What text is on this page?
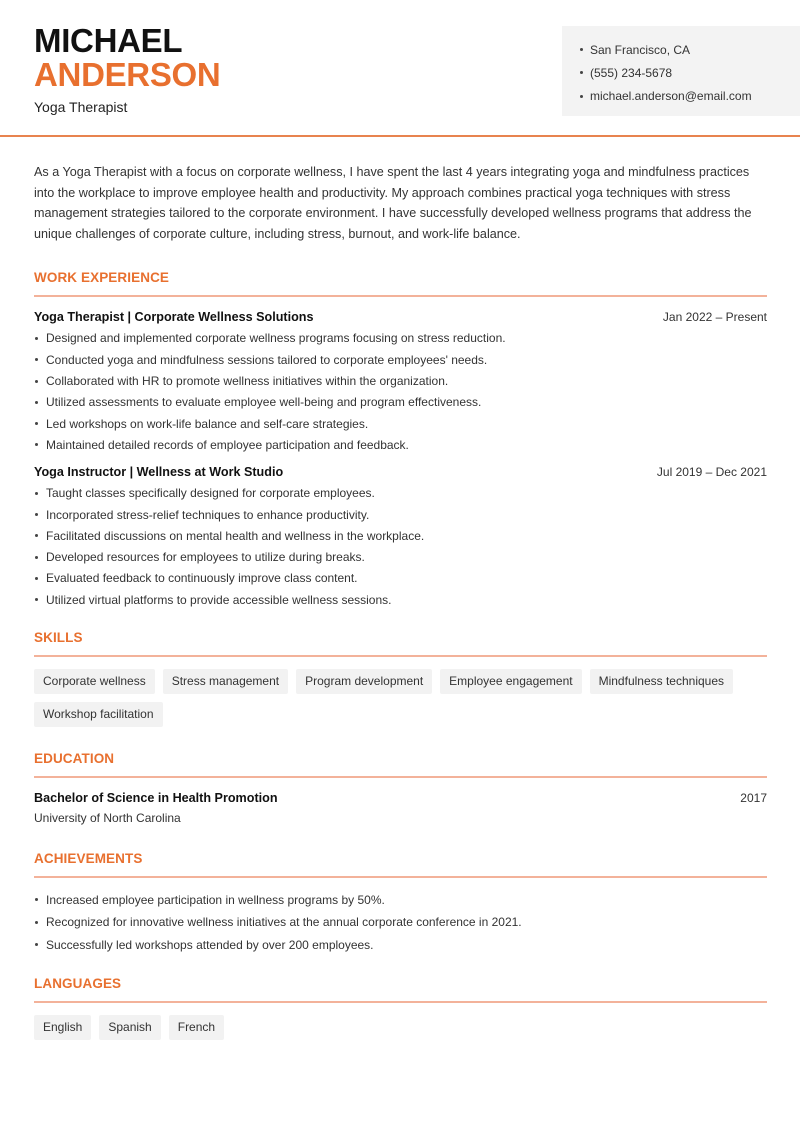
MICHAEL
ANDERSON
Yoga Therapist
San Francisco, CA
(555) 234-5678
michael.anderson@email.com

As a Yoga Therapist with a focus on corporate wellness, I have spent the last 4 years integrating yoga and mindfulness practices into the workplace to improve employee health and productivity. My approach combines practical yoga techniques with stress management strategies tailored to the corporate environment. I have successfully developed wellness programs that address the unique challenges of corporate culture, including stress, burnout, and work-life balance.

WORK EXPERIENCE
Yoga Therapist | Corporate Wellness Solutions	Jan 2022 – Present
Designed and implemented corporate wellness programs focusing on stress reduction.
Conducted yoga and mindfulness sessions tailored to corporate employees' needs.
Collaborated with HR to promote wellness initiatives within the organization.
Utilized assessments to evaluate employee well-being and program effectiveness.
Led workshops on work-life balance and self-care strategies.
Maintained detailed records of employee participation and feedback.
Yoga Instructor | Wellness at Work Studio	Jul 2019 – Dec 2021
Taught classes specifically designed for corporate employees.
Incorporated stress-relief techniques to enhance productivity.
Facilitated discussions on mental health and wellness in the workplace.
Developed resources for employees to utilize during breaks.
Evaluated feedback to continuously improve class content.
Utilized virtual platforms to provide accessible wellness sessions.
SKILLS
Corporate wellness	Stress management	Program development	Employee engagement	Mindfulness techniques
Workshop facilitation
EDUCATION
Bachelor of Science in Health Promotion	2017
University of North Carolina
ACHIEVEMENTS
Increased employee participation in wellness programs by 50%.
Recognized for innovative wellness initiatives at the annual corporate conference in 2021.
Successfully led workshops attended by over 200 employees.
LANGUAGES
English	Spanish	French
